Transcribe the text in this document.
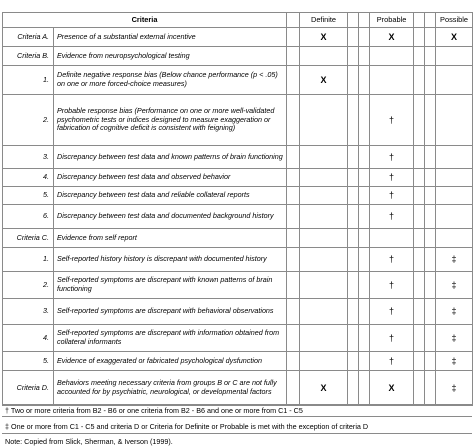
Criteria			Definite			Probable			Possible
Criteria A.	Presence of a substantial external incentive		X			X			X
Criteria B.	Evidence from neuropsychological testing								
1.	Definite negative response bias (Below chance performance (p < .05) on one or more forced-choice measures)		X						
2.	Probable response bias (Performance on one or more well-validated psychometric tests or indices designed to measure exaggeration or fabrication of cognitive deficit is consistent with feigning)					†			
3.	Discrepancy between test data and known patterns of brain functioning					†			
4.	Discrepancy between test data and observed behavior					†			
5.	Discrepancy between test data and reliable collateral reports					†			
6.	Discrepancy between test data and documented background history					†			
Criteria C.	Evidence from self report								
1.	Self-reported history history is discrepant with documented history					†			‡
2.	Self-reported symptoms are discrepant with known patterns of brain functioning					†			‡
3.	Self-reported symptoms are discrepant with behavioral observations					†			‡
4.	Self-reported symptoms are discrepant with information obtained from collateral informants					†			‡
5.	Evidence of exaggerated or fabricated psychological dysfunction					†			‡
Criteria D.	Behaviors meeting necessary criteria from groups B or C are not fully accounted for by psychiatric, neurological, or developmental factors		X			X			‡
† Two or more criteria from B2 - B6 or one criteria from B2 - B6 and one or more from C1 - C5
‡ One or more from C1 - C5 and criteria D or Criteria for Definite or Probable is met with the exception of criteria D
Note: Copied from Slick, Sherman, & Iverson (1999).
